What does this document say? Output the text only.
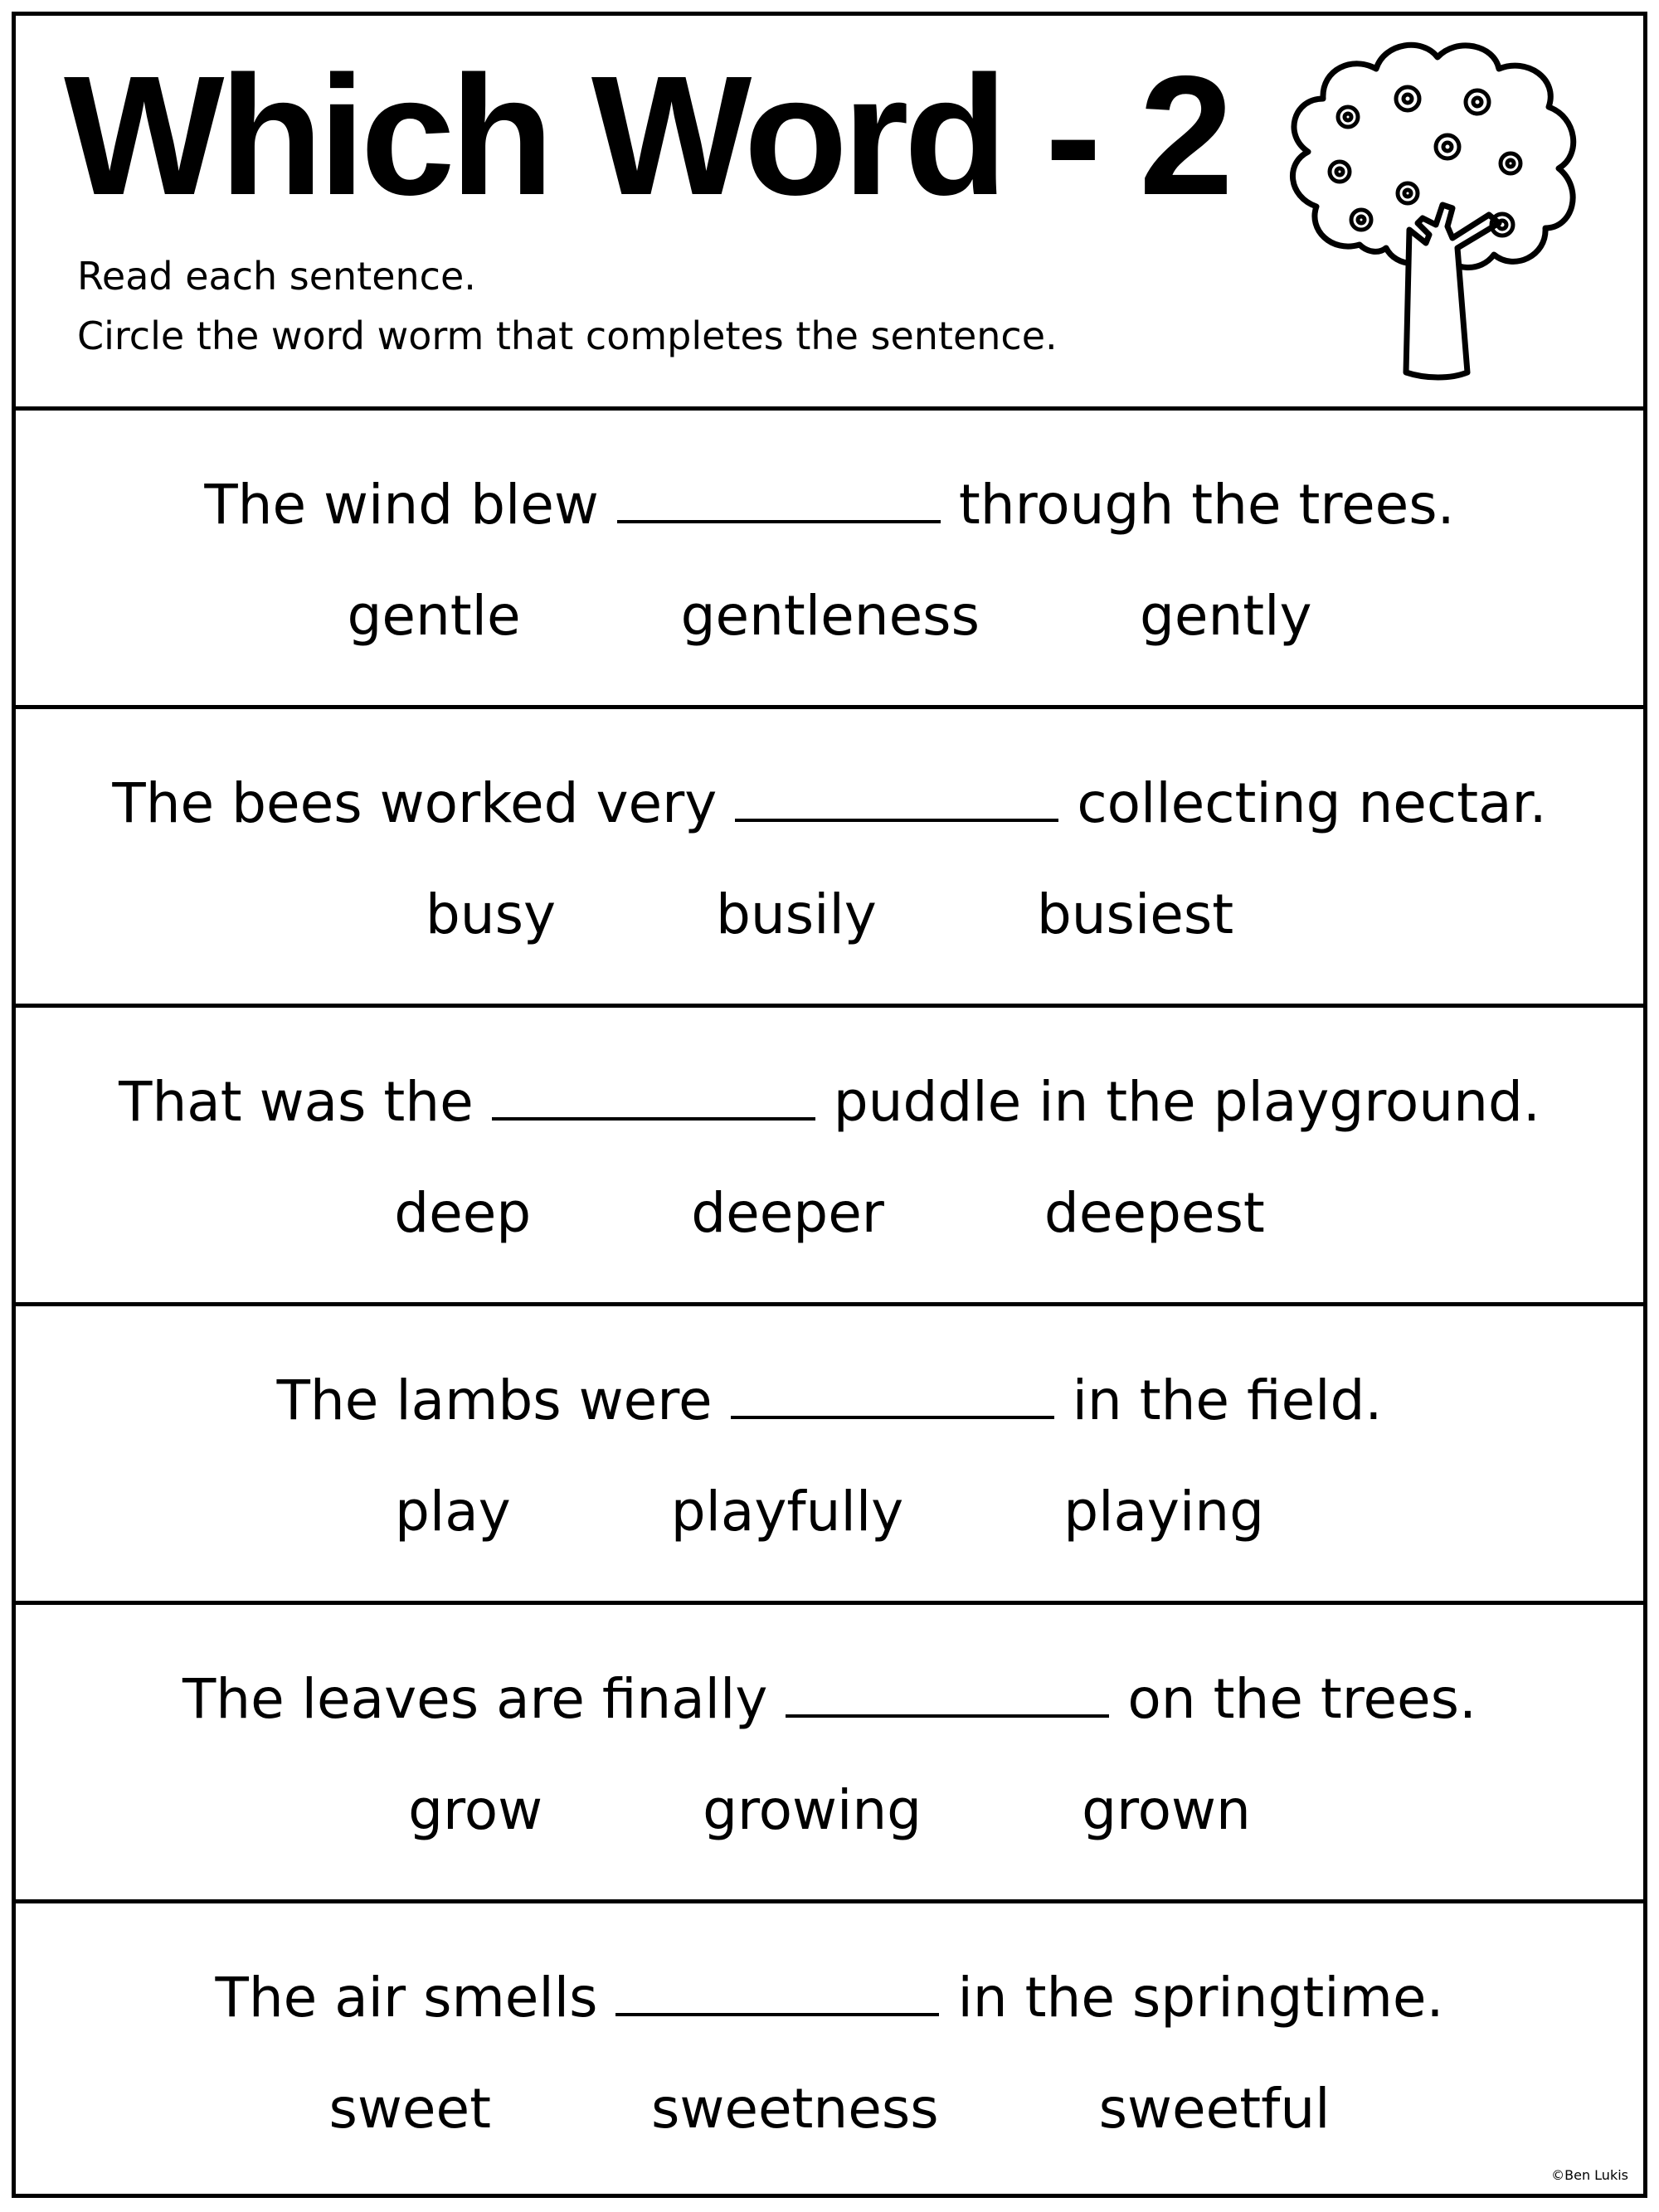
Which Word - 2
Read each sentence.
Circle the word worm that completes the sentence.
The wind blew	through the trees.
gentle	gentleness	gently
The bees worked very	collecting nectar.
busy	busily	busiest
That was the	puddle in the playground.
deep	deeper	deepest
The lambs were	in the field.
play	playfully	playing
The leaves are finally	on the trees.
grow	growing	grown
The air smells	in the springtime.
sweet	sweetness	sweetful
©Ben Lukis
